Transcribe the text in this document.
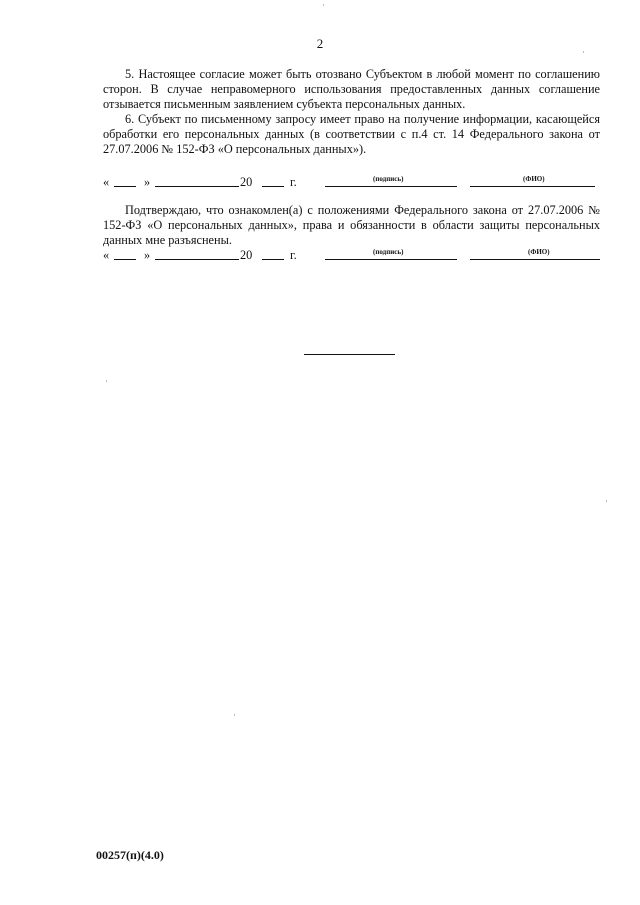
2

5. Настоящее согласие может быть отозвано Субъектом в любой момент по соглашению сторон. В случае неправомерного использования предоставленных данных соглашение отзывается письменным заявлением субъекта персональных данных.

6. Субъект по письменному запросу имеет право на получение информации, касающейся обработки его персональных данных (в соответствии с п.4 ст. 14 Федерального закона от 27.07.2006 № 152-ФЗ «О персональных данных»).

«	»	20	г.	(подпись)	(ФИО)

Подтверждаю, что ознакомлен(а) с положениями Федерального закона от 27.07.2006 № 152-ФЗ «О персональных данных», права и обязанности в области защиты персональных данных мне разъяснены.

«	»	20	г.	(подпись)	(ФИО)
00257(п)(4.0)
